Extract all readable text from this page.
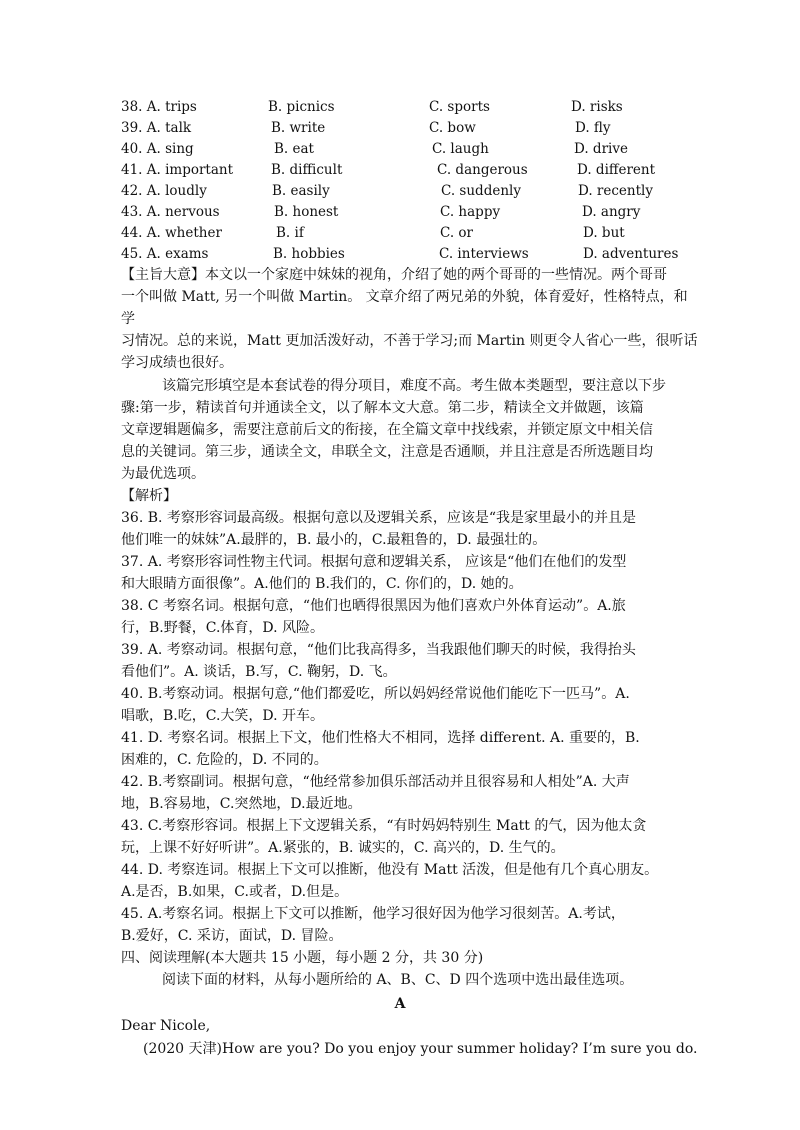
38. A. trips	B. picnics	C. sports	D. risks
39. A. talk	B. write	C. bow	D. fly
40. A. sing	B. eat	C. laugh	D. drive
41. A. important	B. difficult	C. dangerous	D. different
42. A. loudly	B. easily	C. suddenly	D. recently
43. A. nervous	B. honest	C. happy	D. angry
44. A. whether	B. if	C. or	D. but
45. A. exams	B. hobbies	C. interviews	D. adventures
【主旨大意】本文以一个家庭中妹妹的视角，介绍了她的两个哥哥的一些情况。两个哥哥
一个叫做 Matt, 另一个叫做 Martin。 文章介绍了两兄弟的外貌，体育爱好，性格特点，和
学
习情况。总的来说，Matt 更加活泼好动，不善于学习;而 Martin 则更令人省心一些，很听话
学习成绩也很好。
该篇完形填空是本套试卷的得分项目，难度不高。考生做本类题型，要注意以下步
骤:第一步，精读首句并通读全文，以了解本文大意。第二步，精读全文并做题，该篇
文章逻辑题偏多，需要注意前后文的衔接，在全篇文章中找线索，并锁定原文中相关信
息的关键词。第三步，通读全文，串联全文，注意是否通顺，并且注意是否所选题目均
为最优选项。
【解析】
36. B. 考察形容词最高级。根据句意以及逻辑关系，应该是“我是家里最小的并且是
他们唯一的妹妹”A.最胖的，B. 最小的，C.最粗鲁的，D. 最强壮的。
37. A. 考察形容词性物主代词。根据句意和逻辑关系， 应该是“他们在他们的发型
和大眼睛方面很像”。A.他们的 B.我们的，C. 你们的，D. 她的。
38. C 考察名词。根据句意，“他们也晒得很黑因为他们喜欢户外体育运动”。A.旅
行，B.野餐，C.体育，D. 风险。
39. A. 考察动词。根据句意，“他们比我高得多，当我跟他们聊天的时候，我得抬头
看他们”。A. 谈话，B.写，C. 鞠躬，D. 飞。
40. B.考察动词。根据句意,“他们都爱吃，所以妈妈经常说他们能吃下一匹马”。A.
唱歌，B.吃，C.大笑，D. 开车。
41. D. 考察名词。根据上下文，他们性格大不相同，选择 different. A. 重要的，B.
困难的，C. 危险的，D. 不同的。
42. B.考察副词。根据句意，“他经常参加俱乐部活动并且很容易和人相处”A. 大声
地，B.容易地，C.突然地，D.最近地。
43. C.考察形容词。根据上下文逻辑关系，“有时妈妈特别生 Matt 的气，因为他太贪
玩，上课不好好听讲”。A.紧张的，B. 诚实的，C. 高兴的，D. 生气的。
44. D. 考察连词。根据上下文可以推断，他没有 Matt 活泼，但是他有几个真心朋友。
A.是否，B.如果，C.或者，D.但是。
45. A.考察名词。根据上下文可以推断，他学习很好因为他学习很刻苦。A.考试，
B.爱好，C. 采访，面试，D. 冒险。
四、阅读理解(本大题共 15 小题，每小题 2 分，共 30 分)
阅读下面的材料，从每小题所给的 A、B、C、D 四个选项中选出最佳选项。
A
Dear Nicole,
(2020 天津)How are you? Do you enjoy your summer holiday? I’m sure you do.
